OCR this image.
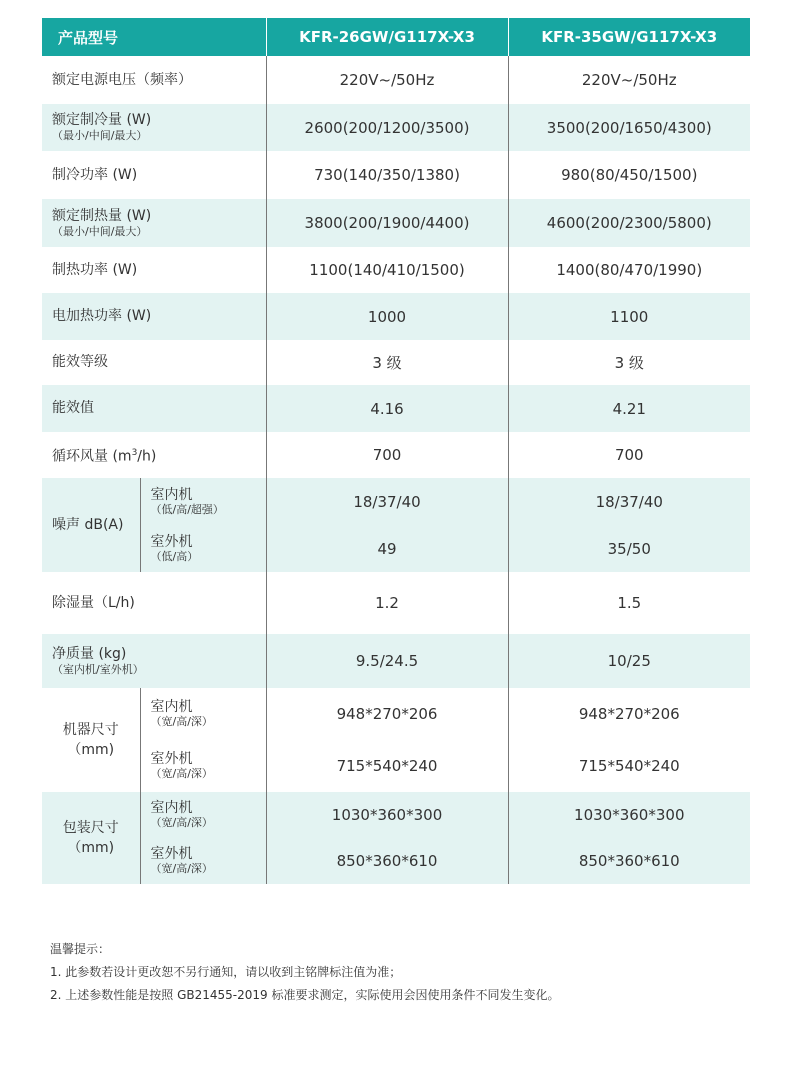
产品型号		KFR-26GW/G117X-X3	KFR-35GW/G117X-X3
额定电源电压（频率）		220V~/50Hz	220V~/50Hz
额定制冷量 (W)
（最小/中间/最大）		2600(200/1200/3500)	3500(200/1650/4300)
制冷功率 (W)		730(140/350/1380)	980(80/450/1500)
额定制热量 (W)
（最小/中间/最大）		3800(200/1900/4400)	4600(200/2300/5800)
制热功率 (W)		1100(140/410/1500)	1400(80/470/1990)
电加热功率 (W)		1000	1100
能效等级		3 级	3 级
能效值		4.16	4.21
循环风量 $(m^3/h)$		700	700
噪声 dB(A)	室内机
（低/高/超强）	18/37/40	18/37/40
	室外机
（低/高）	49	35/50
除湿量（L/h)		1.2	1.5
净质量 (kg)
（室内机/室外机）		9.5/24.5	10/25

机器尺寸
（mm)	室内机
（宽/高/深）	948*270*206	948*270*206
	室外机
（宽/高/深）	715*540*240	715*540*240

包装尺寸
（mm)	室内机
（宽/高/深）	1030*360*300	1030*360*300
	室外机
（宽/高/深）	850*360*610	850*360*610
温馨提示：
1. 此参数若设计更改恕不另行通知，请以收到主铭牌标注值为准；
2. 上述参数性能是按照 GB21455-2019 标准要求测定，实际使用会因使用条件不同发生变化。
